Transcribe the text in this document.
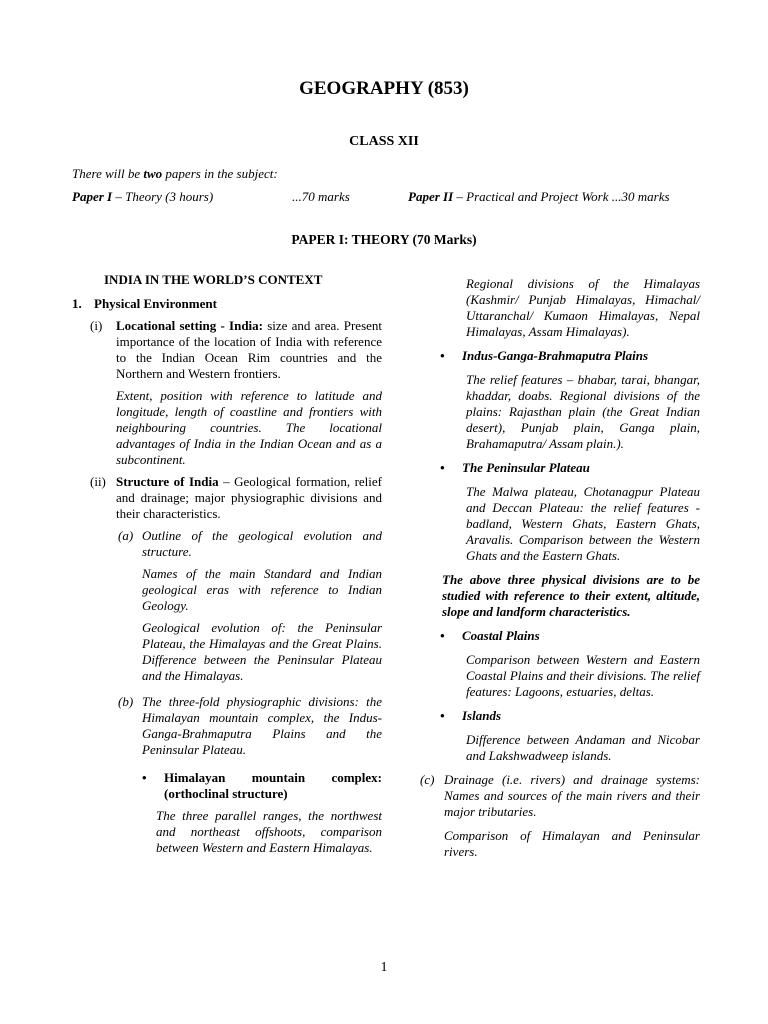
GEOGRAPHY (853)
CLASS XII
There will be two papers in the subject:
Paper I – Theory (3 hours)	...70 marks	Paper II – Practical and Project Work ...30 marks
PAPER I: THEORY (70 Marks)
INDIA IN THE WORLD’S CONTEXT
1. Physical Environment
(i)	Locational setting - India: size and area. Present importance of the location of India with reference to the Indian Ocean Rim countries and the Northern and Western frontiers.

Extent, position with reference to latitude and longitude, length of coastline and frontiers with neighbouring countries. The locational advantages of India in the Indian Ocean and as a subcontinent.

(ii) Structure of India – Geological formation, relief and drainage; major physiographic divisions and their characteristics.

(a) Outline of the geological evolution and structure.

Names of the main Standard and Indian geological eras with reference to Indian Geology.

Geological evolution of: the Peninsular Plateau, the Himalayas and the Great Plains. Difference between the Peninsular Plateau and the Himalayas.

(b) The three-fold physiographic divisions: the Himalayan mountain complex, the Indus-Ganga-Brahmaputra Plains and the Peninsular Plateau.

•	Himalayan mountain complex: (orthoclinal structure)

The three parallel ranges, the northwest and northeast offshoots, comparison between Western and Eastern Himalayas.

Regional divisions of the Himalayas (Kashmir/ Punjab Himalayas, Himachal/ Uttaranchal/ Kumaon Himalayas, Nepal Himalayas, Assam Himalayas).

•	Indus-Ganga-Brahmaputra Plains

The relief features – bhabar, tarai, bhangar, khaddar, doabs. Regional divisions of the plains: Rajasthan plain (the Great Indian desert), Punjab plain, Ganga plain, Brahamaputra/ Assam plain.).

•	The Peninsular Plateau

The Malwa plateau, Chotanagpur Plateau and Deccan Plateau: the relief features - badland, Western Ghats, Eastern Ghats, Aravalis. Comparison between the Western Ghats and the Eastern Ghats.

The above three physical divisions are to be studied with reference to their extent, altitude, slope and landform characteristics.

•	Coastal Plains

Comparison between Western and Eastern Coastal Plains and their divisions. The relief features: Lagoons, estuaries, deltas.

•	Islands

Difference between Andaman and Nicobar and Lakshwadweep islands.

(c) Drainage (i.e. rivers) and drainage systems: Names and sources of the main rivers and their major tributaries.

Comparison of Himalayan and Peninsular rivers.

1
